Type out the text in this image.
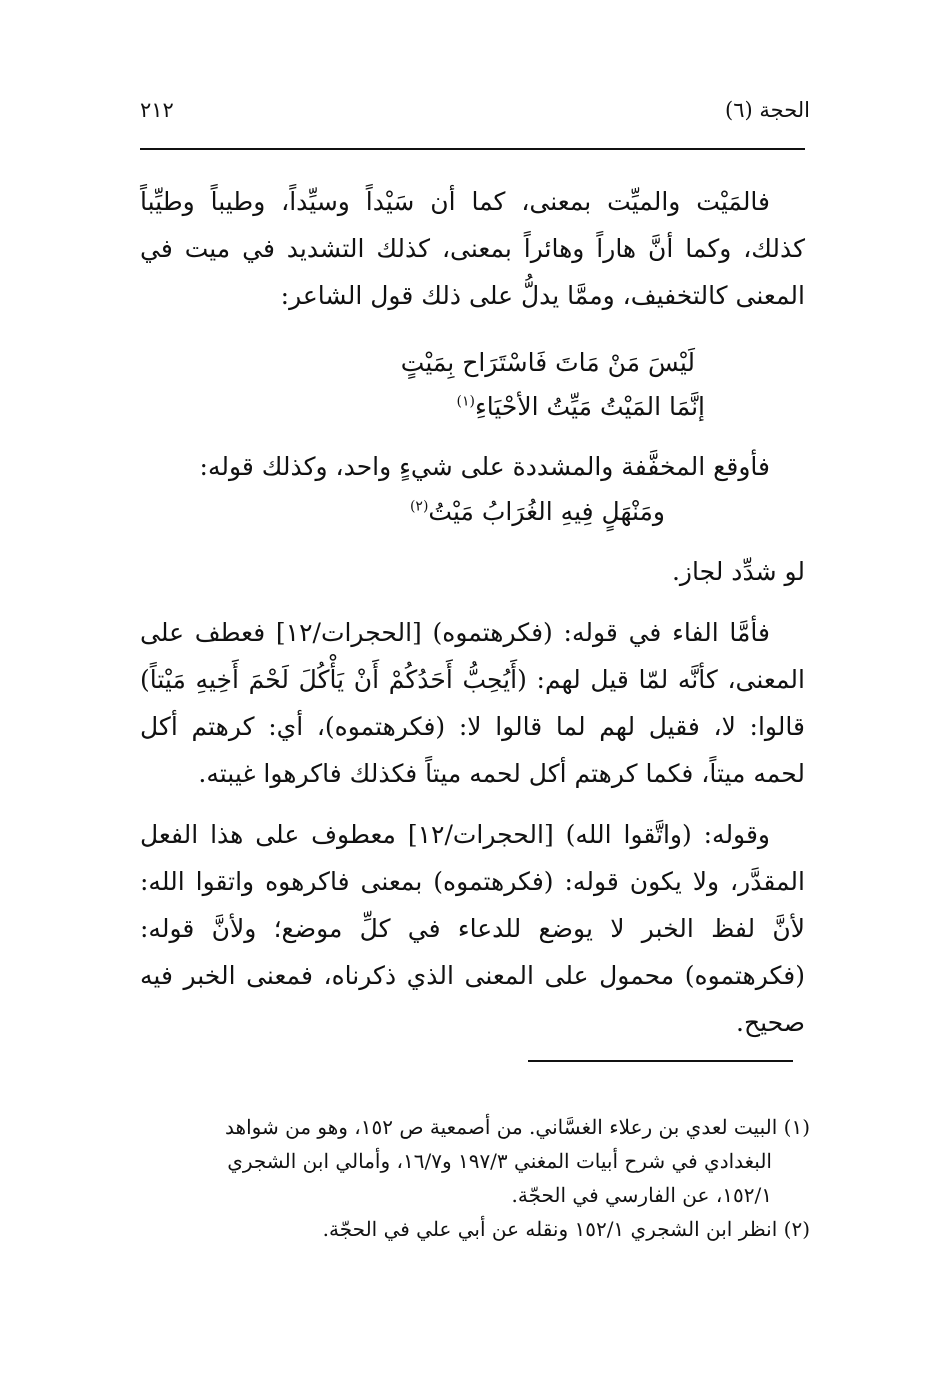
٢١٢	الحجة (٦)

فالمَيْت والميِّت بمعنى، كما أن سَيْداً وسيِّداً، وطيباً وطيِّباً كذلك، وكما أنَّ هاراً وهائراً بمعنى، كذلك التشديد في ميت في المعنى كالتخفيف، وممَّا يدلُّ على ذلك قول الشاعر:

لَيْسَ مَنْ مَاتَ فَاسْتَرَاح بِمَيْتٍ
إنَّمَا المَيْتُ مَيِّتُ الأحْيَاءِ$^{(١)}$

فأوقع المخفَّفة والمشددة على شيءٍ واحد، وكذلك قوله:

ومَنْهَلٍ فِيهِ الغُرَابُ مَيْتُ$^{(٢)}$

لو شدِّد لجاز.

فأمَّا الفاء في قوله: (فكرهتموه) [الحجرات/١٢] فعطف على المعنى، كأنَّه لمّا قيل لهم: (أَيُحِبُّ أَحَدُكُمْ أَنْ يَأْكُلَ لَحْمَ أَخِيهِ مَيْتاً) قالوا: لا، فقيل لهم لما قالوا لا: (فكرهتموه)، أي: كرهتم أكل لحمه ميتاً، فكما كرهتم أكل لحمه ميتاً فكذلك فاكرهوا غيبته.

وقوله: (واتَّقوا الله) [الحجرات/١٢] معطوف على هذا الفعل المقدَّر، ولا يكون قوله: (فكرهتموه) بمعنى فاكرهوه واتقوا الله: لأنَّ لفظ الخبر لا يوضع للدعاء في كلِّ موضع؛ ولأنَّ قوله: (فكرهتموه) محمول على المعنى الذي ذكرناه، فمعنى الخبر فيه صحيح.

(١) البيت لعدي بن رعلاء الغسَّاني. من أصمعية ص ١٥٢، وهو من شواهد

البغدادي في شرح أبيات المغني ١٩٧/٣ و١٦/٧، وأمالي ابن الشجري

١٥٢/١، عن الفارسي في الحجّة.

(٢) انظر ابن الشجري ١٥٢/١ ونقله عن أبي علي في الحجّة.
